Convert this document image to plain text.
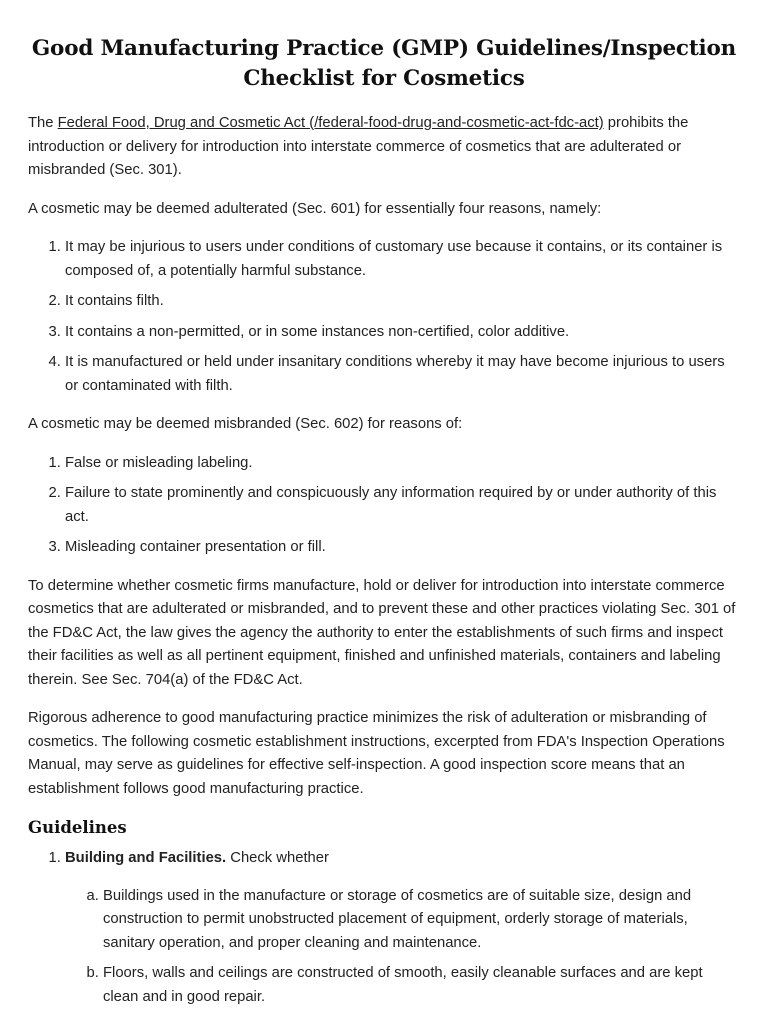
Good Manufacturing Practice (GMP) Guidelines/Inspection Checklist for Cosmetics

The Federal Food, Drug and Cosmetic Act (/federal-food-drug-and-cosmetic-act-fdc-act) prohibits the introduction or delivery for introduction into interstate commerce of cosmetics that are adulterated or misbranded (Sec. 301).

A cosmetic may be deemed adulterated (Sec. 601) for essentially four reasons, namely:

1. It may be injurious to users under conditions of customary use because it contains, or its container is composed of, a potentially harmful substance.
2. It contains filth.
3. It contains a non-permitted, or in some instances non-certified, color additive.
4. It is manufactured or held under insanitary conditions whereby it may have become injurious to users or contaminated with filth.

A cosmetic may be deemed misbranded (Sec. 602) for reasons of:

1. False or misleading labeling.
2. Failure to state prominently and conspicuously any information required by or under authority of this act.
3. Misleading container presentation or fill.

To determine whether cosmetic firms manufacture, hold or deliver for introduction into interstate commerce cosmetics that are adulterated or misbranded, and to prevent these and other practices violating Sec. 301 of the FD&C Act, the law gives the agency the authority to enter the establishments of such firms and inspect their facilities as well as all pertinent equipment, finished and unfinished materials, containers and labeling therein. See Sec. 704(a) of the FD&C Act.

Rigorous adherence to good manufacturing practice minimizes the risk of adulteration or misbranding of cosmetics. The following cosmetic establishment instructions, excerpted from FDA's Inspection Operations Manual, may serve as guidelines for effective self-inspection. A good inspection score means that an establishment follows good manufacturing practice.

Guidelines
1. Building and Facilities. Check whether
a. Buildings used in the manufacture or storage of cosmetics are of suitable size, design and construction to permit unobstructed placement of equipment, orderly storage of materials, sanitary operation, and proper cleaning and maintenance.
b. Floors, walls and ceilings are constructed of smooth, easily cleanable surfaces and are kept clean and in good repair.
